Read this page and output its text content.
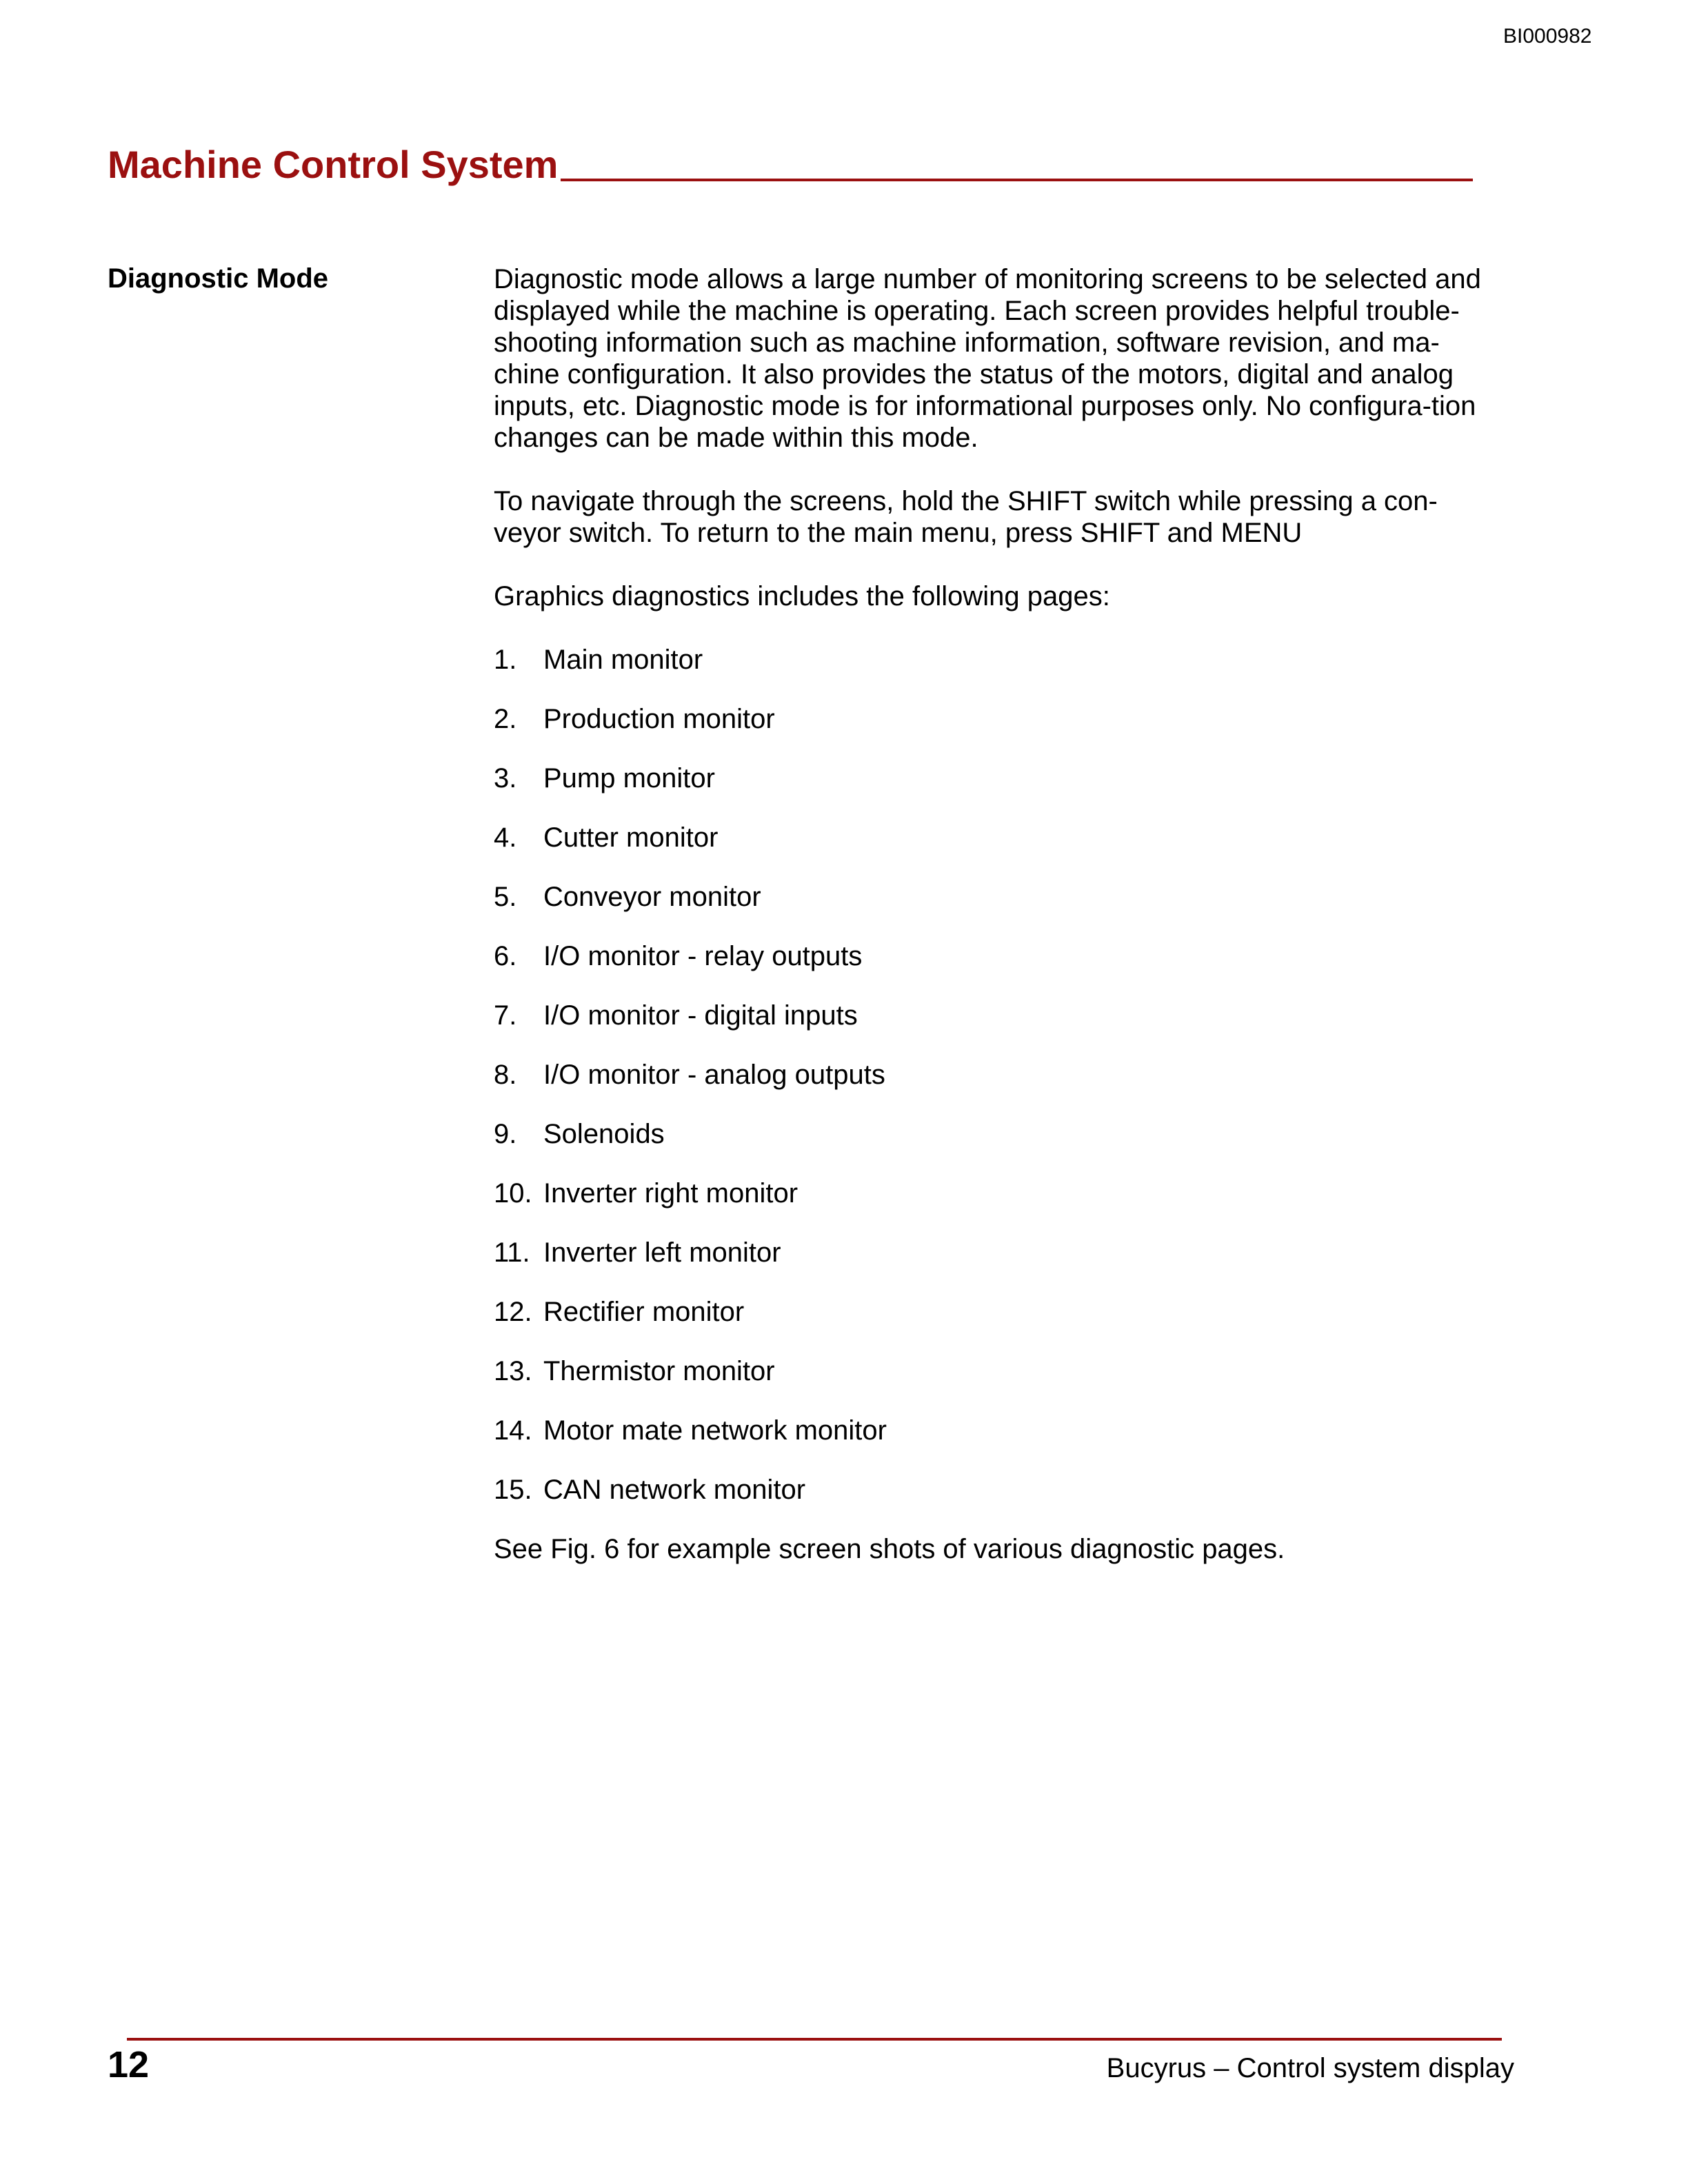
BI000982
Machine Control System
Diagnostic Mode	Diagnostic mode allows a large number of monitoring screens to be selected and displayed while the machine is operating. Each screen provides helpful trouble-shooting information such as machine information, software revision, and ma-chine configuration. It also provides the status of the motors, digital and analog inputs, etc. Diagnostic mode is for informational purposes only. No configura-tion changes can be made within this mode.

To navigate through the screens, hold the SHIFT switch while pressing a con-veyor switch. To return to the main menu, press SHIFT and MENU

Graphics diagnostics includes the following pages:

1. Main monitor
2. Production monitor
3. Pump monitor
4. Cutter monitor
5. Conveyor monitor
6. I/O monitor - relay outputs
7. I/O monitor - digital inputs
8. I/O monitor - analog outputs
9. Solenoids
10. Inverter right monitor
11. Inverter left monitor
12. Rectifier monitor
13. Thermistor monitor
14. Motor mate network monitor
15. CAN network monitor

See Fig. 6 for example screen shots of various diagnostic pages.

12	Bucyrus – Control system display
